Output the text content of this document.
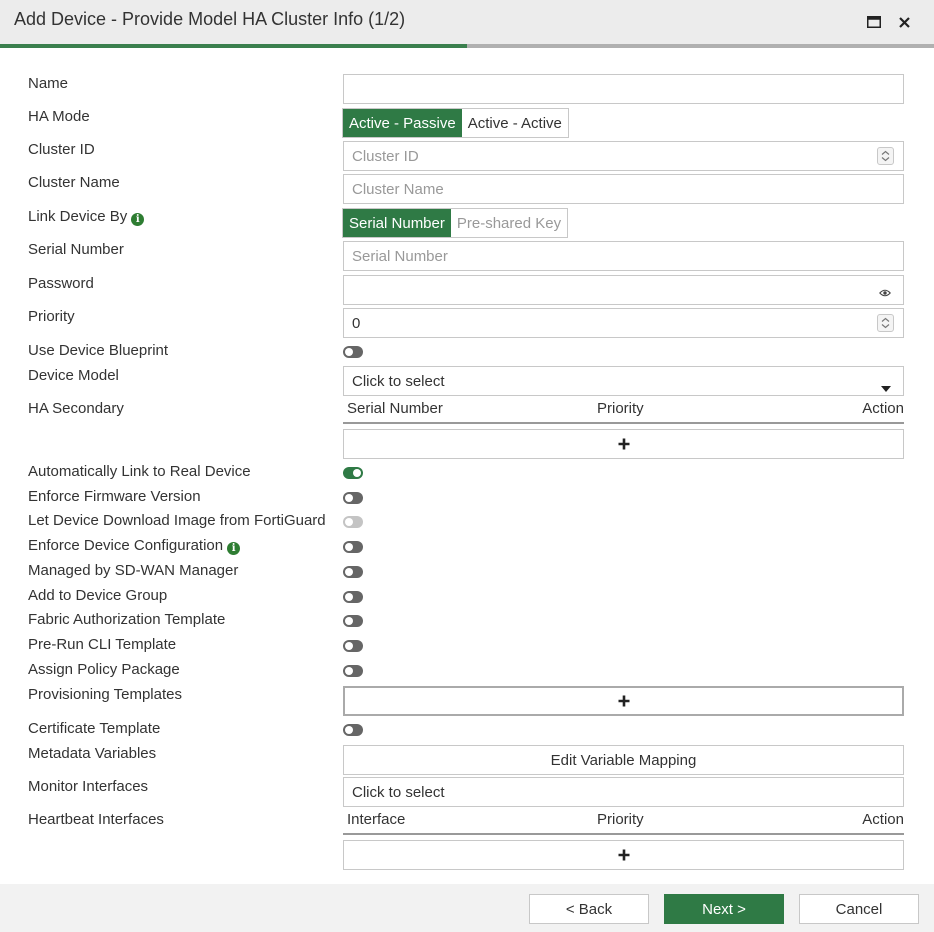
Add Device - Provide Model HA Cluster Info (1/2)
Name
HA Mode	Active - Passive Active - Active
Cluster ID	Cluster ID
Cluster Name	Cluster Name
Link Device By i	Serial Number Pre-shared Key
Serial Number	Serial Number
Password
Priority	0
Use Device Blueprint
Device Model	Click to select
HA Secondary	Serial Number	Priority	Action
Automatically Link to Real Device
Enforce Firmware Version
Let Device Download Image from FortiGuard
Enforce Device Configuration i
Managed by SD-WAN Manager
Add to Device Group
Fabric Authorization Template
Pre-Run CLI Template
Assign Policy Package
Provisioning Templates
Certificate Template
Metadata Variables	Edit Variable Mapping
Monitor Interfaces	Click to select
Heartbeat Interfaces	Interface	Priority	Action
< Back	Next >	Cancel
